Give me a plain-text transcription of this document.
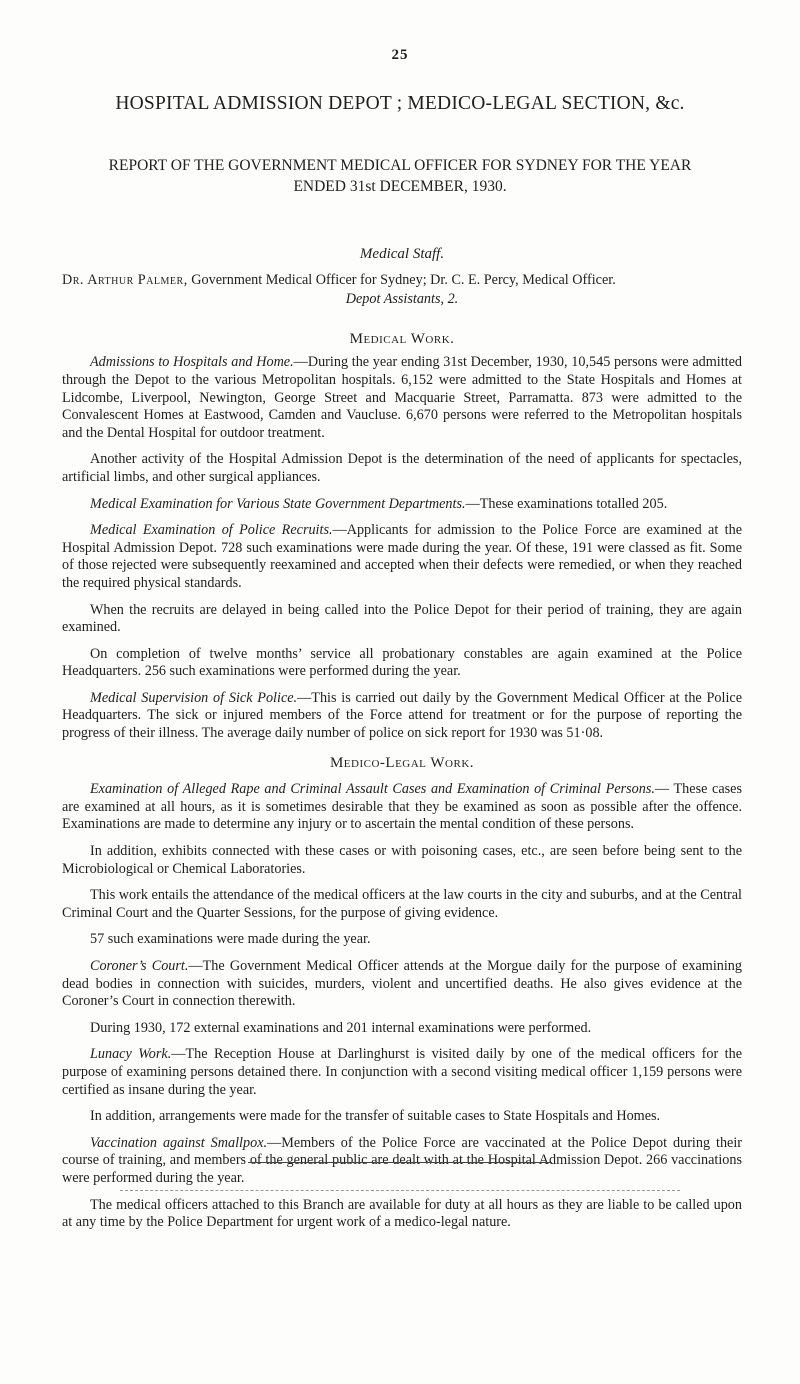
25
HOSPITAL ADMISSION DEPOT ; MEDICO-LEGAL SECTION, &c.
REPORT OF THE GOVERNMENT MEDICAL OFFICER FOR SYDNEY FOR THE YEAR
ENDED 31st DECEMBER, 1930.
Medical Staff.

Dr. Arthur Palmer, Government Medical Officer for Sydney; Dr. C. E. Percy, Medical Officer.

Depot Assistants, 2.
Medical Work.

Admissions to Hospitals and Home.—During the year ending 31st December, 1930, 10,545 persons were admitted through the Depot to the various Metropolitan hospitals. 6,152 were admitted to the State Hospitals and Homes at Lidcombe, Liverpool, Newington, George Street and Macquarie Street, Parramatta. 873 were admitted to the Convalescent Homes at Eastwood, Camden and Vaucluse. 6,670 persons were referred to the Metropolitan hospitals and the Dental Hospital for outdoor treatment.

Another activity of the Hospital Admission Depot is the determination of the need of applicants for spectacles, artificial limbs, and other surgical appliances.

Medical Examination for Various State Government Departments.—These examinations totalled 205.

Medical Examination of Police Recruits.—Applicants for admission to the Police Force are examined at the Hospital Admission Depot. 728 such examinations were made during the year. Of these, 191 were classed as fit. Some of those rejected were subsequently reexamined and accepted when their defects were remedied, or when they reached the required physical standards.

When the recruits are delayed in being called into the Police Depot for their period of training, they are again examined.

On completion of twelve months’ service all probationary constables are again examined at the Police Headquarters. 256 such examinations were performed during the year.

Medical Supervision of Sick Police.—This is carried out daily by the Government Medical Officer at the Police Headquarters. The sick or injured members of the Force attend for treatment or for the purpose of reporting the progress of their illness. The average daily number of police on sick report for 1930 was 51·08.

Medico-Legal Work.

Examination of Alleged Rape and Criminal Assault Cases and Examination of Criminal Persons.— These cases are examined at all hours, as it is sometimes desirable that they be examined as soon as possible after the offence. Examinations are made to determine any injury or to ascertain the mental condition of these persons.

In addition, exhibits connected with these cases or with poisoning cases, etc., are seen before being sent to the Microbiological or Chemical Laboratories.

This work entails the attendance of the medical officers at the law courts in the city and suburbs, and at the Central Criminal Court and the Quarter Sessions, for the purpose of giving evidence.

57 such examinations were made during the year.

Coroner’s Court.—The Government Medical Officer attends at the Morgue daily for the purpose of examining dead bodies in connection with suicides, murders, violent and uncertified deaths. He also gives evidence at the Coroner’s Court in connection therewith.

During 1930, 172 external examinations and 201 internal examinations were performed.

Lunacy Work.—The Reception House at Darlinghurst is visited daily by one of the medical officers for the purpose of examining persons detained there. In conjunction with a second visiting medical officer 1,159 persons were certified as insane during the year.

In addition, arrangements were made for the transfer of suitable cases to State Hospitals and Homes.

Vaccination against Smallpox.—Members of the Police Force are vaccinated at the Police Depot during their course of training, and members of the general public are dealt with at the Hospital Admission Depot. 266 vaccinations were performed during the year.

The medical officers attached to this Branch are available for duty at all hours as they are liable to be called upon at any time by the Police Department for urgent work of a medico-legal nature.
